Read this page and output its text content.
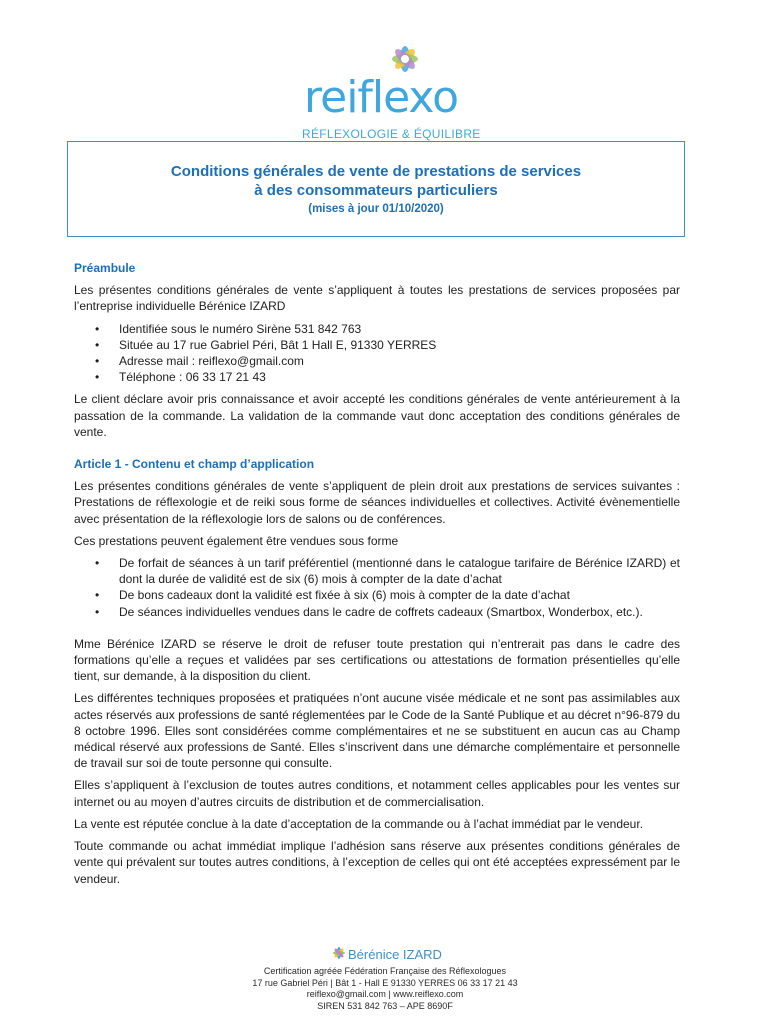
reiflexo
RÉFLEXOLOGIE & ÉQUILIBRE
Conditions générales de vente de prestations de services
à des consommateurs particuliers
(mises à jour 01/10/2020)
Préambule

Les présentes conditions générales de vente s’appliquent à toutes les prestations de services proposées par l’entreprise individuelle Bérénice IZARD

• Identifiée sous le numéro Sirène 531 842 763
• Située au 17 rue Gabriel Péri, Bât 1 Hall E, 91330 YERRES
• Adresse mail : reiflexo@gmail.com
• Téléphone : 06 33 17 21 43

Le client déclare avoir pris connaissance et avoir accepté les conditions générales de vente antérieurement à la passation de la commande. La validation de la commande vaut donc acceptation des conditions générales de vente.

Article 1 - Contenu et champ d’application

Les présentes conditions générales de vente s’appliquent de plein droit aux prestations de services suivantes : Prestations de réflexologie et de reiki sous forme de séances individuelles et collectives. Activité évènementielle avec présentation de la réflexologie lors de salons ou de conférences.

Ces prestations peuvent également être vendues sous forme

• De forfait de séances à un tarif préférentiel (mentionné dans le catalogue tarifaire de Bérénice IZARD) et dont la durée de validité est de six (6) mois à compter de la date d’achat
• De bons cadeaux dont la validité est fixée à six (6) mois à compter de la date d’achat
• De séances individuelles vendues dans le cadre de coffrets cadeaux (Smartbox, Wonderbox, etc.).

Mme Bérénice IZARD se réserve le droit de refuser toute prestation qui n’entrerait pas dans le cadre des formations qu’elle a reçues et validées par ses certifications ou attestations de formation présentielles qu’elle tient, sur demande, à la disposition du client.

Les différentes techniques proposées et pratiquées n’ont aucune visée médicale et ne sont pas assimilables aux actes réservés aux professions de santé réglementées par le Code de la Santé Publique et au décret n°96-879 du 8 octobre 1996. Elles sont considérées comme complémentaires et ne se substituent en aucun cas au Champ médical réservé aux professions de Santé. Elles s’inscrivent dans une démarche complémentaire et personnelle de travail sur soi de toute personne qui consulte.

Elles s’appliquent à l’exclusion de toutes autres conditions, et notamment celles applicables pour les ventes sur internet ou au moyen d’autres circuits de distribution et de commercialisation.

La vente est réputée conclue à la date d’acceptation de la commande ou à l’achat immédiat par le vendeur.

Toute commande ou achat immédiat implique l’adhésion sans réserve aux présentes conditions générales de vente qui prévalent sur toutes autres conditions, à l’exception de celles qui ont été acceptées expressément par le vendeur.

Bérénice IZARD
Certification agréée Fédération Française des Réflexologues
17 rue Gabriel Péri | Bât 1 - Hall E 91330 YERRES 06 33 17 21 43
reiflexo@gmail.com | www.reiflexo.com
SIREN 531 842 763 – APE 8690F
